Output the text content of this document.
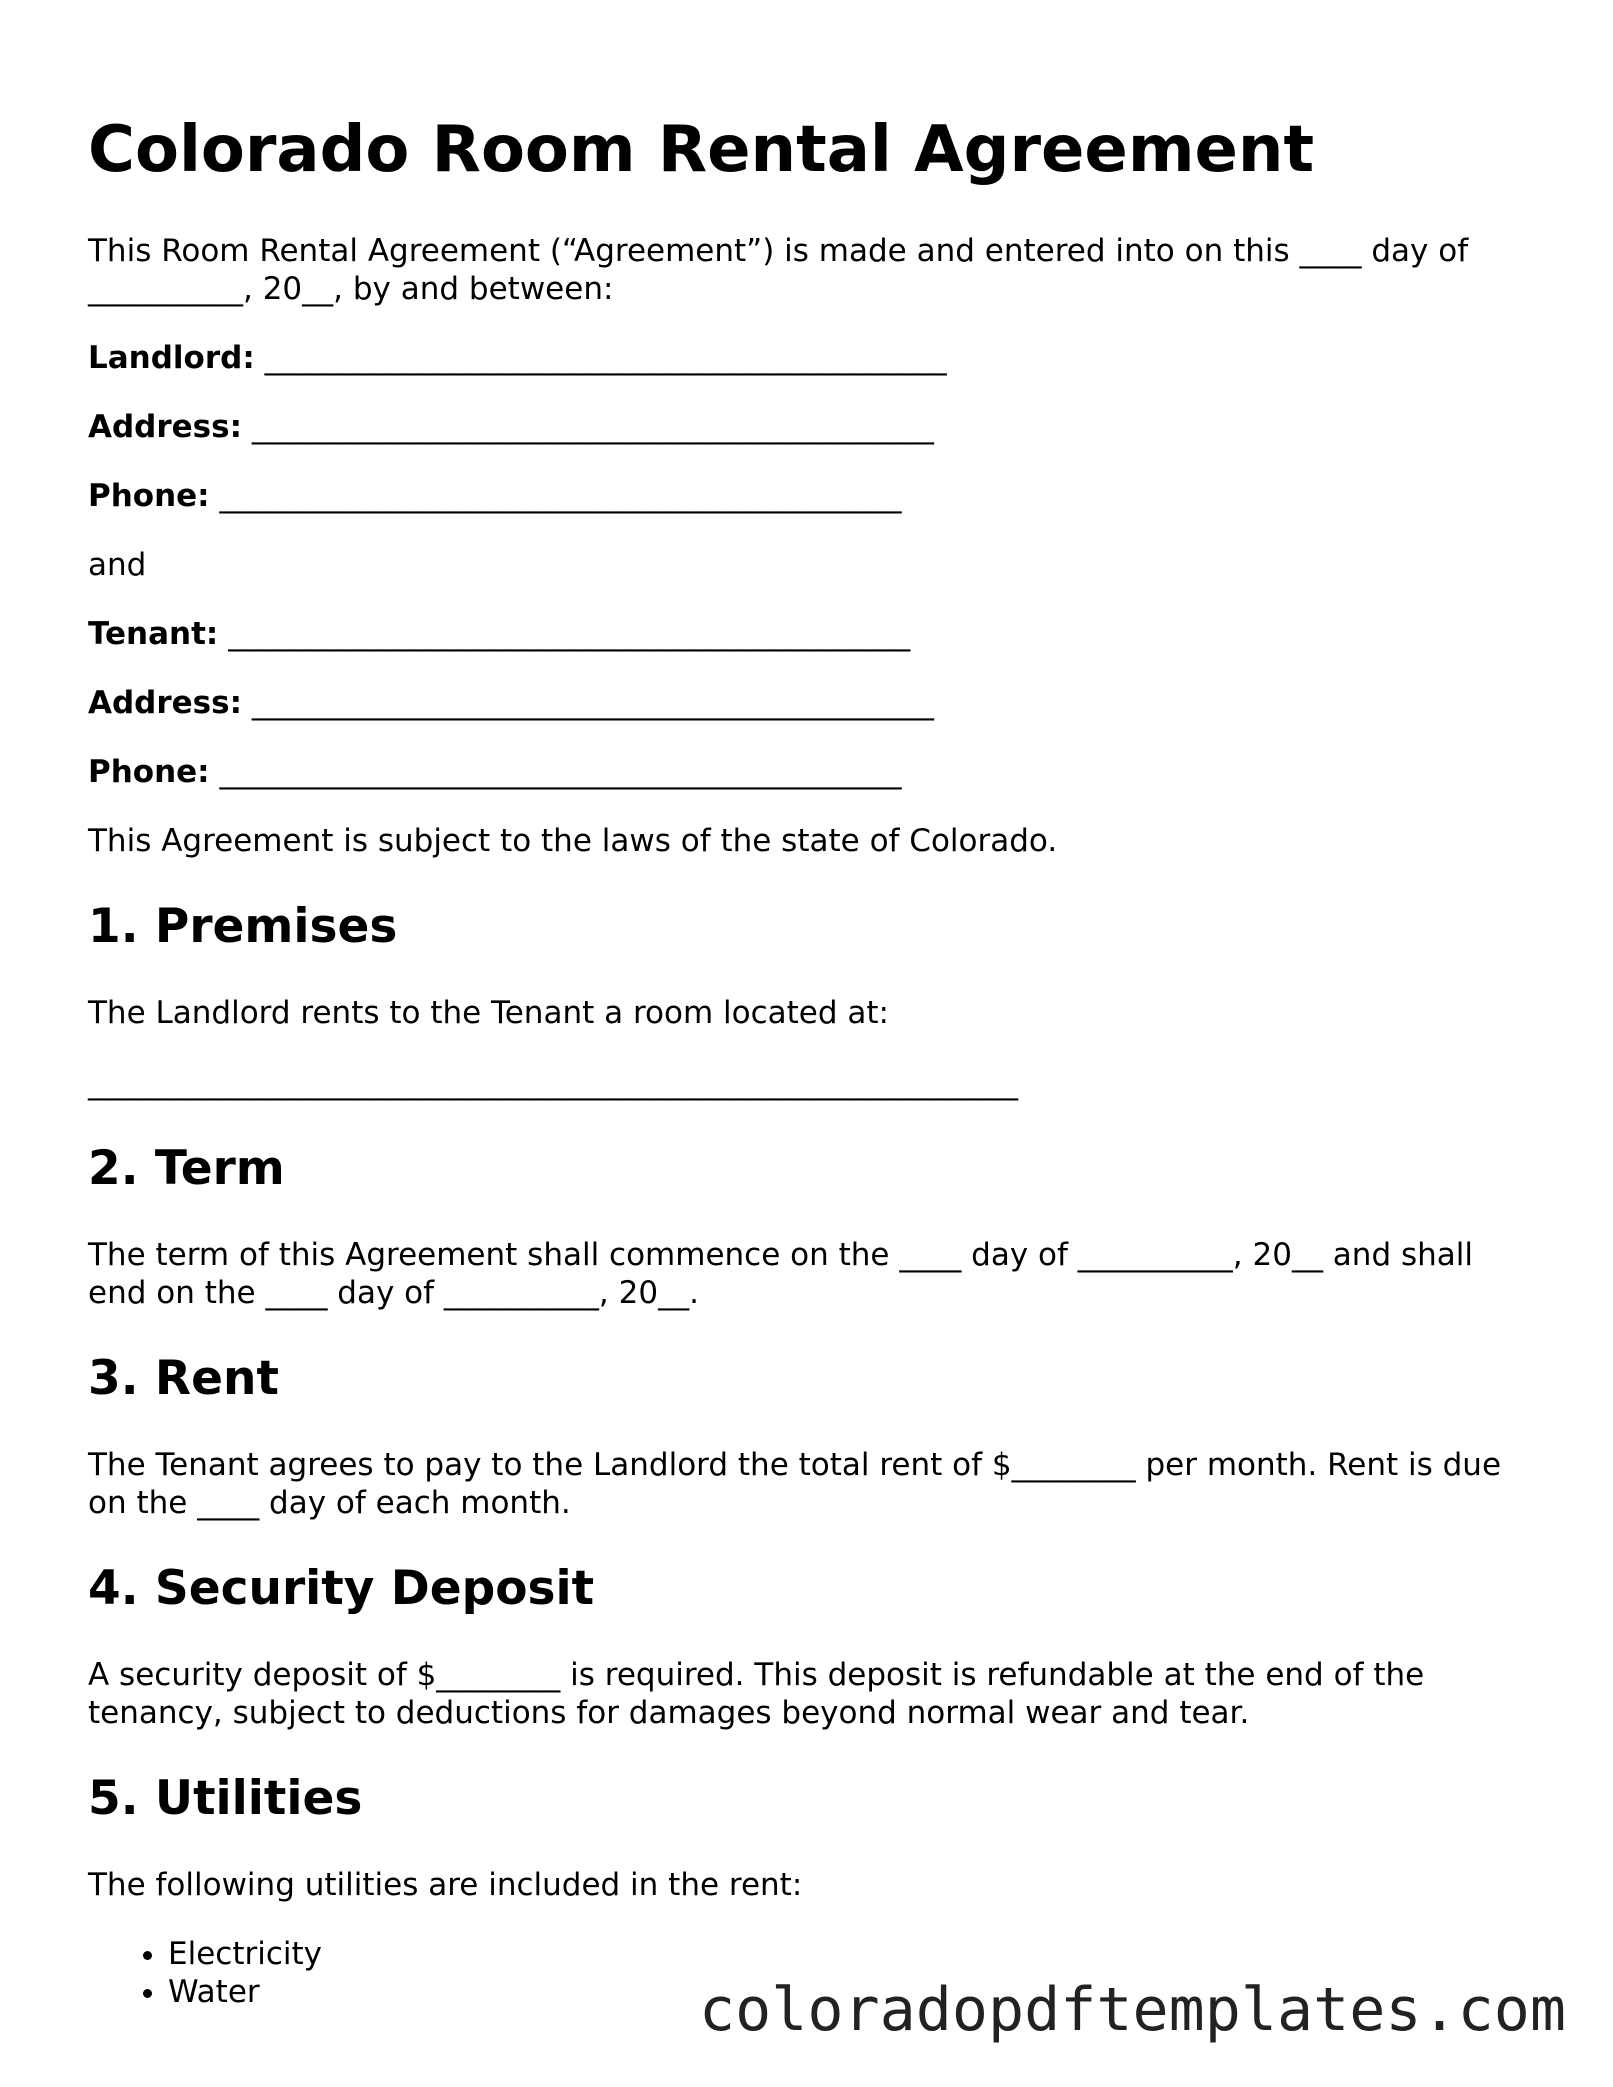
Colorado Room Rental Agreement

This Room Rental Agreement (“Agreement”) is made and entered into on this ____ day of __________, 20__, by and between:

Landlord: ____________________________________________
Address: ____________________________________________
Phone: ____________________________________________

and

Tenant: ____________________________________________
Address: ____________________________________________
Phone: ____________________________________________

This Agreement is subject to the laws of the state of Colorado.

1. Premises

The Landlord rents to the Tenant a room located at:

____________________________________________________________
2. Term

The term of this Agreement shall commence on the ____ day of __________, 20__ and shall end on the ____ day of __________, 20__.

3. Rent

The Tenant agrees to pay to the Landlord the total rent of $________ per month. Rent is due on the ____ day of each month.

4. Security Deposit

A security deposit of $________ is required. This deposit is refundable at the end of the tenancy, subject to deductions for damages beyond normal wear and tear.

5. Utilities

The following utilities are included in the rent:

• Electricity
• Water	coloradopdftemplates.com
